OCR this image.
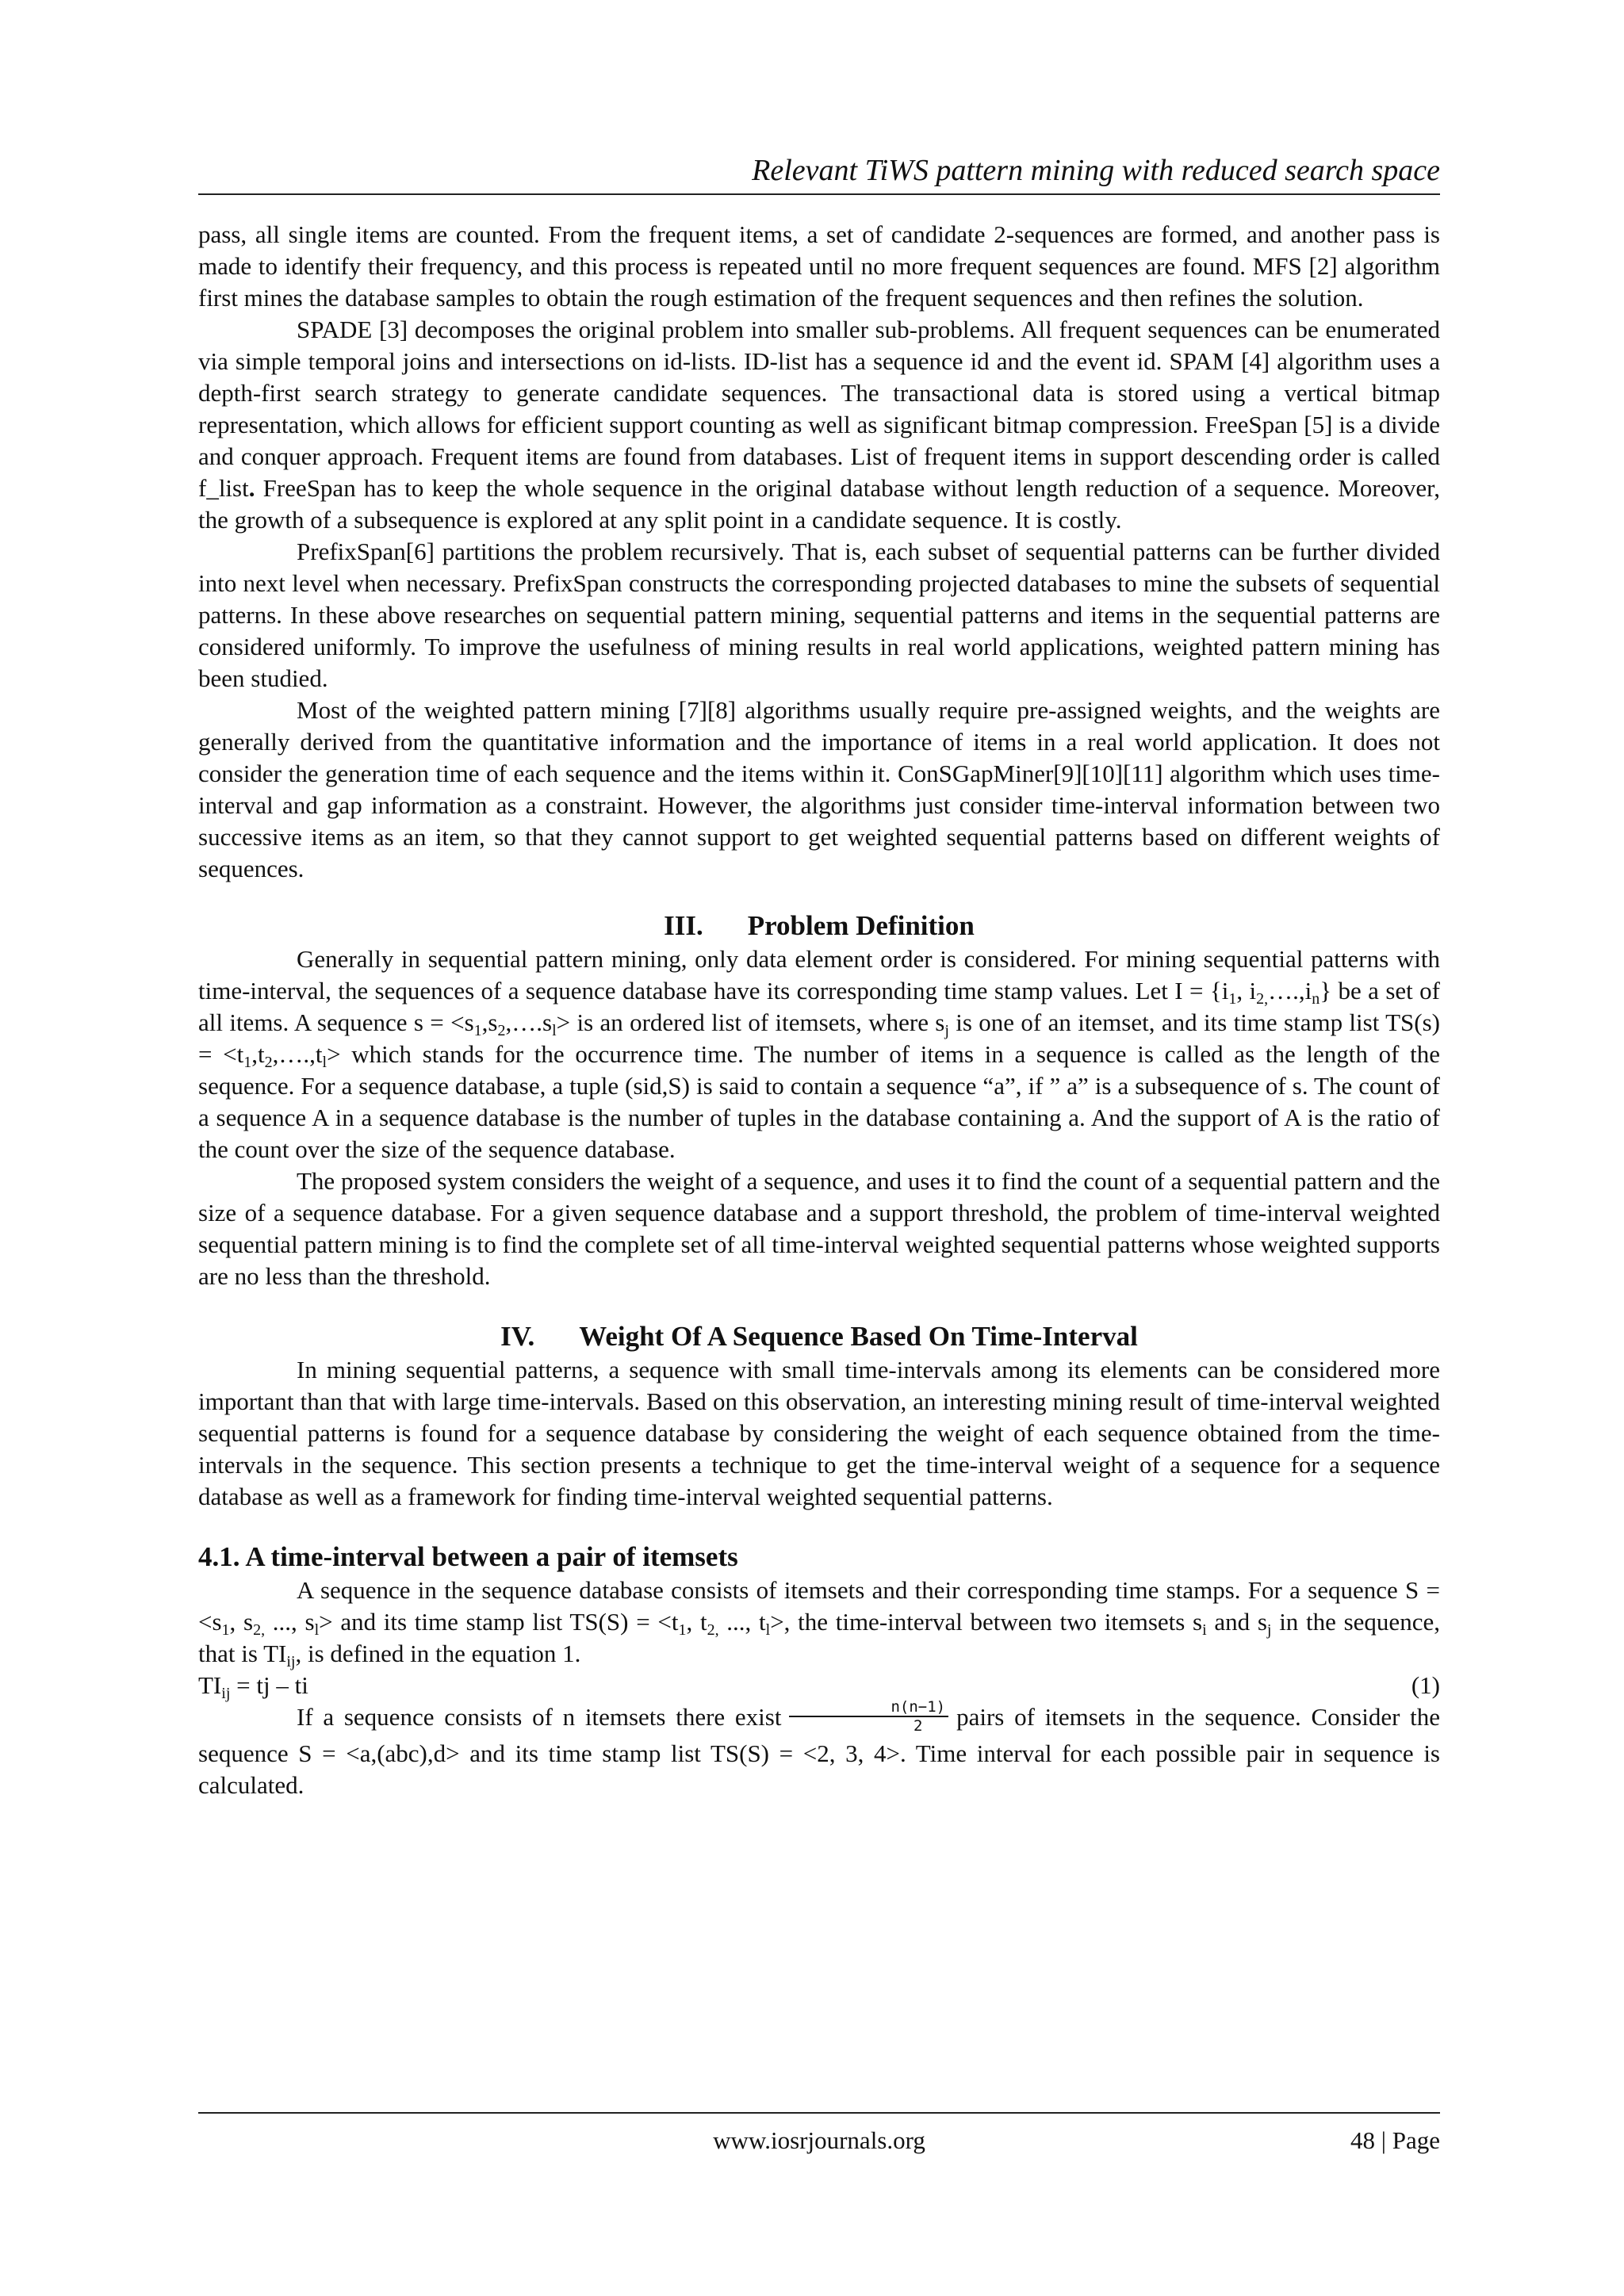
Relevant TiWS pattern mining with reduced search space

pass, all single items are counted. From the frequent items, a set of candidate 2-sequences are formed, and another pass is made to identify their frequency, and this process is repeated until no more frequent sequences are found. MFS [2] algorithm first mines the database samples to obtain the rough estimation of the frequent sequences and then refines the solution.

SPADE [3] decomposes the original problem into smaller sub-problems. All frequent sequences can be enumerated via simple temporal joins and intersections on id-lists. ID-list has a sequence id and the event id. SPAM [4] algorithm uses a depth-first search strategy to generate candidate sequences. The transactional data is stored using a vertical bitmap representation, which allows for efficient support counting as well as significant bitmap compression. FreeSpan [5] is a divide and conquer approach. Frequent items are found from databases. List of frequent items in support descending order is called f_list. FreeSpan has to keep the whole sequence in the original database without length reduction of a sequence. Moreover, the growth of a subsequence is explored at any split point in a candidate sequence. It is costly.

PrefixSpan[6] partitions the problem recursively. That is, each subset of sequential patterns can be further divided into next level when necessary. PrefixSpan constructs the corresponding projected databases to mine the subsets of sequential patterns. In these above researches on sequential pattern mining, sequential patterns and items in the sequential patterns are considered uniformly. To improve the usefulness of mining results in real world applications, weighted pattern mining has been studied.

Most of the weighted pattern mining [7][8] algorithms usually require pre-assigned weights, and the weights are generally derived from the quantitative information and the importance of items in a real world application. It does not consider the generation time of each sequence and the items within it. ConSGapMiner[9][10][11] algorithm which uses time-interval and gap information as a constraint. However, the algorithms just consider time-interval information between two successive items as an item, so that they cannot support to get weighted sequential patterns based on different weights of sequences.

III. Problem Definition

Generally in sequential pattern mining, only data element order is considered. For mining sequential patterns with time-interval, the sequences of a sequence database have its corresponding time stamp values. Let $I = \{i_1$, $i_{2,}\dots.,i_n$} be a set of all items. A sequence $s = <s_1,s_2,\dots.s_l>$ is an ordered list of itemsets, where $s_j$ is one of an itemset, and its time stamp list $TS(s) = <t_1,t_2,\dots.,t_l>$ which stands for the occurrence time. The number of items in a sequence is called as the length of the sequence. For a sequence database, a tuple (sid,S) is said to contain a sequence “a”, if ” a” is a subsequence of s. The count of a sequence A in a sequence database is the number of tuples in the database containing a. And the support of A is the ratio of the count over the size of the sequence database.

The proposed system considers the weight of a sequence, and uses it to find the count of a sequential pattern and the size of a sequence database. For a given sequence database and a support threshold, the problem of time-interval weighted sequential pattern mining is to find the complete set of all time-interval weighted sequential patterns whose weighted supports are no less than the threshold.

IV. Weight Of A Sequence Based On Time-Interval

In mining sequential patterns, a sequence with small time-intervals among its elements can be considered more important than that with large time-intervals. Based on this observation, an interesting mining result of time-interval weighted sequential patterns is found for a sequence database by considering the weight of each sequence obtained from the time-intervals in the sequence. This section presents a technique to get the time-interval weight of a sequence for a sequence database as well as a framework for finding time-interval weighted sequential patterns.

4.1. A time-interval between a pair of itemsets

A sequence in the sequence database consists of itemsets and their corresponding time stamps. For a sequence $S = <s_1$, $s_{2,}$ ..., $s_l>$ and its time stamp list $TS(S) = <t_1$, $t_{2,}$ ..., $t_l>$, the time-interval between two itemsets $s_i$ and $s_j$ in the sequence, that is $TI_{ij}$, is defined in the equation 1.

$TI_{ij}$ = tj – ti	(1)

If a sequence consists of n itemsets there exist $\frac{n(n-1)}{2}$ pairs of itemsets in the sequence. Consider the sequence S = <a,(abc),d> and its time stamp list TS(S) = <2, 3, 4>. Time interval for each possible pair in sequence is calculated.

www.iosrjournals.org	48 | Page
